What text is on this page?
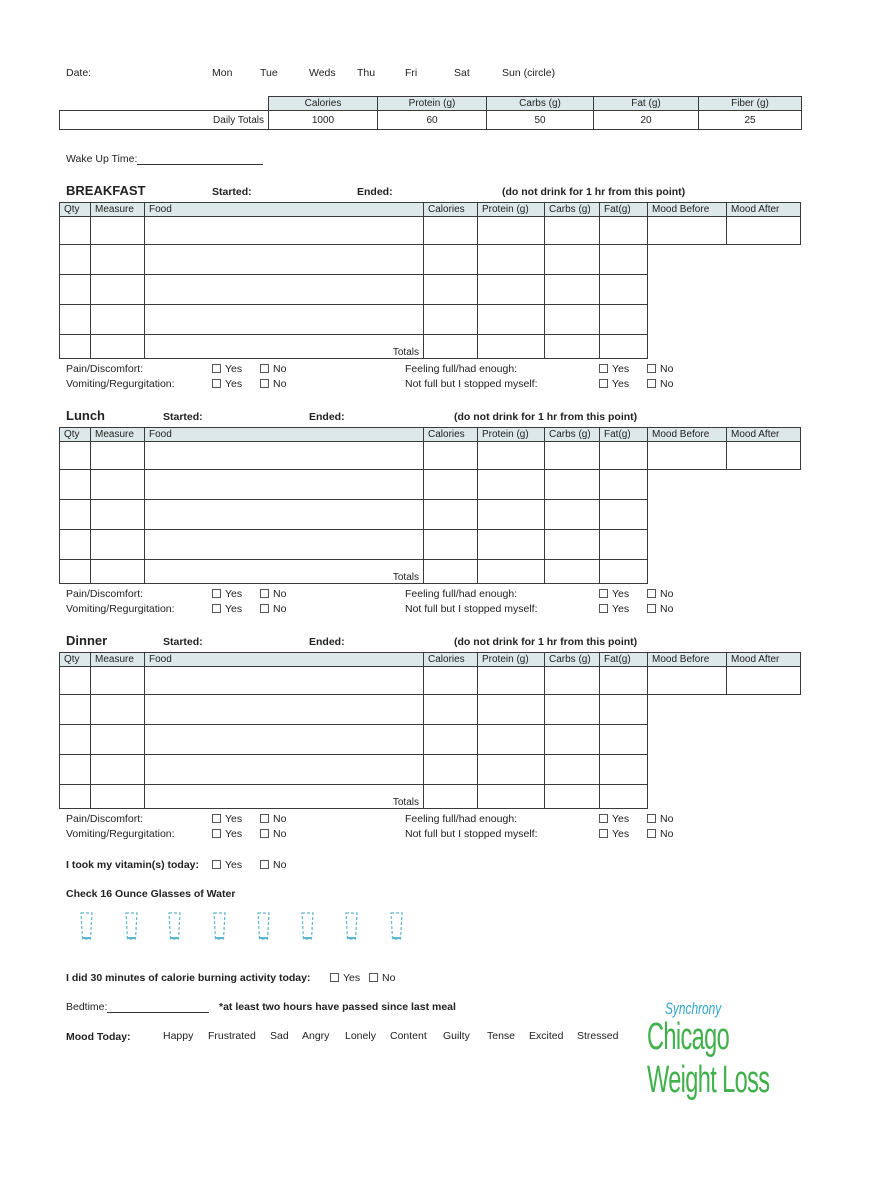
Date:	Mon	Tue	Weds Thu	Fri	Sat	Sun (circle)
	Calories	Protein (g)	Carbs (g)	Fat (g)	Fiber (g)
Daily Totals	1000	60	50	20	25
Wake Up Time:
BREAKFAST	Started:	Ended:	(do not drink for 1 hr from this point)
Qty	Measure	Food	Calories	Protein (g)	Carbs (g)	Fat(g)	Mood Before	Mood After

		Totals						
Pain/Discomfort:	Yes	No	Feeling full/had enough:	Yes	No
Vomiting/Regurgitation:	Yes	No	Not full but I stopped myself:	Yes	No
Lunch	Started:	Ended:	(do not drink for 1 hr from this point)
Qty	Measure	Food	Calories	Protein (g)	Carbs (g)	Fat(g)	Mood Before	Mood After

		Totals						
Pain/Discomfort:	Yes	No	Feeling full/had enough:	Yes	No
Vomiting/Regurgitation:	Yes	No	Not full but I stopped myself:	Yes	No
Dinner	Started:	Ended:	(do not drink for 1 hr from this point)
Qty	Measure	Food	Calories	Protein (g)	Carbs (g)	Fat(g)	Mood Before	Mood After

		Totals						
Pain/Discomfort:	Yes	No	Feeling full/had enough:	Yes	No
Vomiting/Regurgitation:	Yes	No	Not full but I stopped myself:	Yes	No
I took my vitamin(s) today:	Yes	No
Check 16 Ounce Glasses of Water
I did 30 minutes of calorie burning activity today:	Yes	No
Bedtime:	*at least two hours have passed since last meal
Mood Today:	Happy Frustrated Sad Angry Lonely Content Guilty Tense Excited Stressed
Synchrony
Chicago Weight Loss
